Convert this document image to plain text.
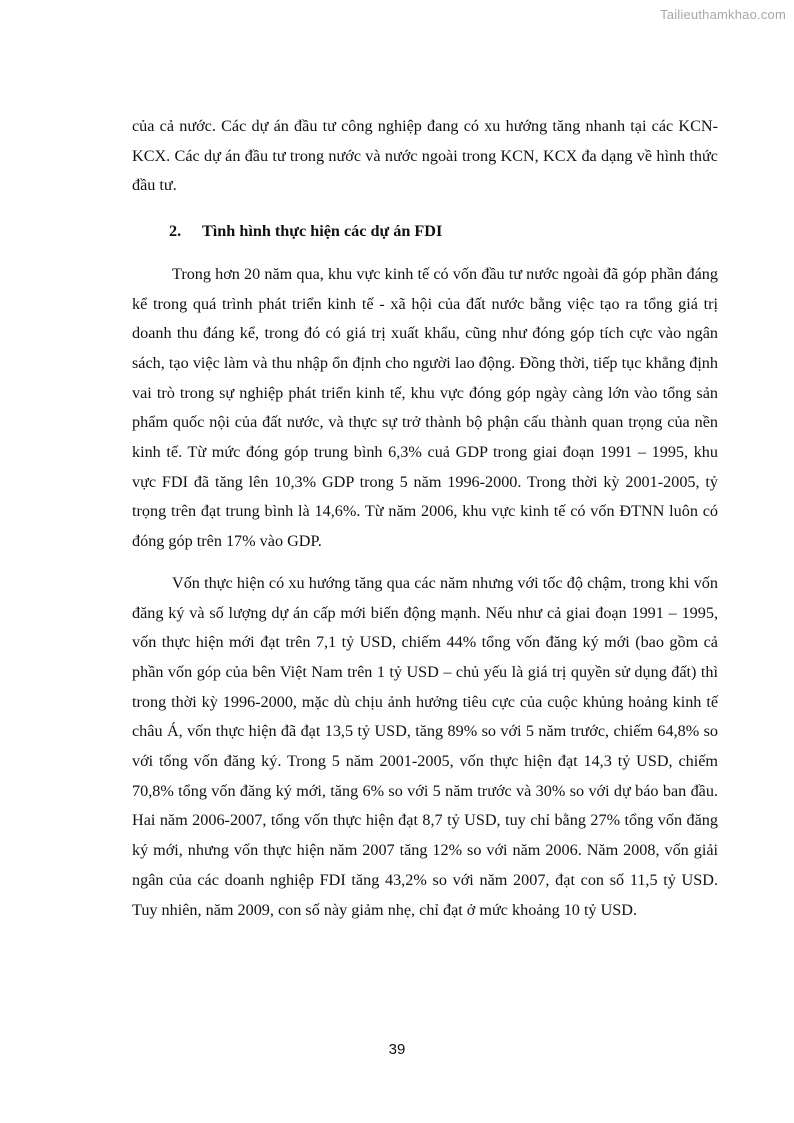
Tailieuthamkhao.com

của cả nước. Các dự án đầu tư công nghiệp đang có xu hướng tăng nhanh tại các KCN-KCX. Các dự án đầu tư trong nước và nước ngoài trong KCN, KCX đa dạng về hình thức đầu tư.

2. Tình hình thực hiện các dự án FDI

Trong hơn 20 năm qua, khu vực kinh tế có vốn đầu tư nước ngoài đã góp phần đáng kể trong quá trình phát triển kinh tế - xã hội của đất nước bằng việc tạo ra tổng giá trị doanh thu đáng kể, trong đó có giá trị xuất khẩu, cũng như đóng góp tích cực vào ngân sách, tạo việc làm và thu nhập ổn định cho người lao động. Đồng thời, tiếp tục khẳng định vai trò trong sự nghiệp phát triển kinh tế, khu vực đóng góp ngày càng lớn vào tổng sản phẩm quốc nội của đất nước, và thực sự trở thành bộ phận cấu thành quan trọng của nền kinh tế. Từ mức đóng góp trung bình 6,3% cuả GDP trong giai đoạn 1991 – 1995, khu vực FDI đã tăng lên 10,3% GDP trong 5 năm 1996-2000. Trong thời kỳ 2001-2005, tỷ trọng trên đạt trung bình là 14,6%. Từ năm 2006, khu vực kinh tế có vốn ĐTNN luôn có đóng góp trên 17% vào GDP.

Vốn thực hiện có xu hướng tăng qua các năm nhưng với tốc độ chậm, trong khi vốn đăng ký và số lượng dự án cấp mới biến động mạnh. Nếu như cả giai đoạn 1991 – 1995, vốn thực hiện mới đạt trên 7,1 tỷ USD, chiếm 44% tổng vốn đăng ký mới (bao gồm cả phần vốn góp của bên Việt Nam trên 1 tỷ USD – chủ yếu là giá trị quyền sử dụng đất) thì trong thời kỳ 1996-2000, mặc dù chịu ảnh hưởng tiêu cực của cuộc khủng hoảng kinh tế châu Á, vốn thực hiện đã đạt 13,5 tỷ USD, tăng 89% so với 5 năm trước, chiếm 64,8% so với tổng vốn đăng ký. Trong 5 năm 2001-2005, vốn thực hiện đạt 14,3 tỷ USD, chiếm 70,8% tổng vốn đăng ký mới, tăng 6% so với 5 năm trước và 30% so với dự báo ban đầu. Hai năm 2006-2007, tổng vốn thực hiện đạt 8,7 tỷ USD, tuy chỉ bằng 27% tổng vốn đăng ký mới, nhưng vốn thực hiện năm 2007 tăng 12% so với năm 2006. Năm 2008, vốn giải ngân của các doanh nghiệp FDI tăng 43,2% so với năm 2007, đạt con số 11,5 tỷ USD. Tuy nhiên, năm 2009, con số này giảm nhẹ, chỉ đạt ở mức khoảng 10 tỷ USD.

39
